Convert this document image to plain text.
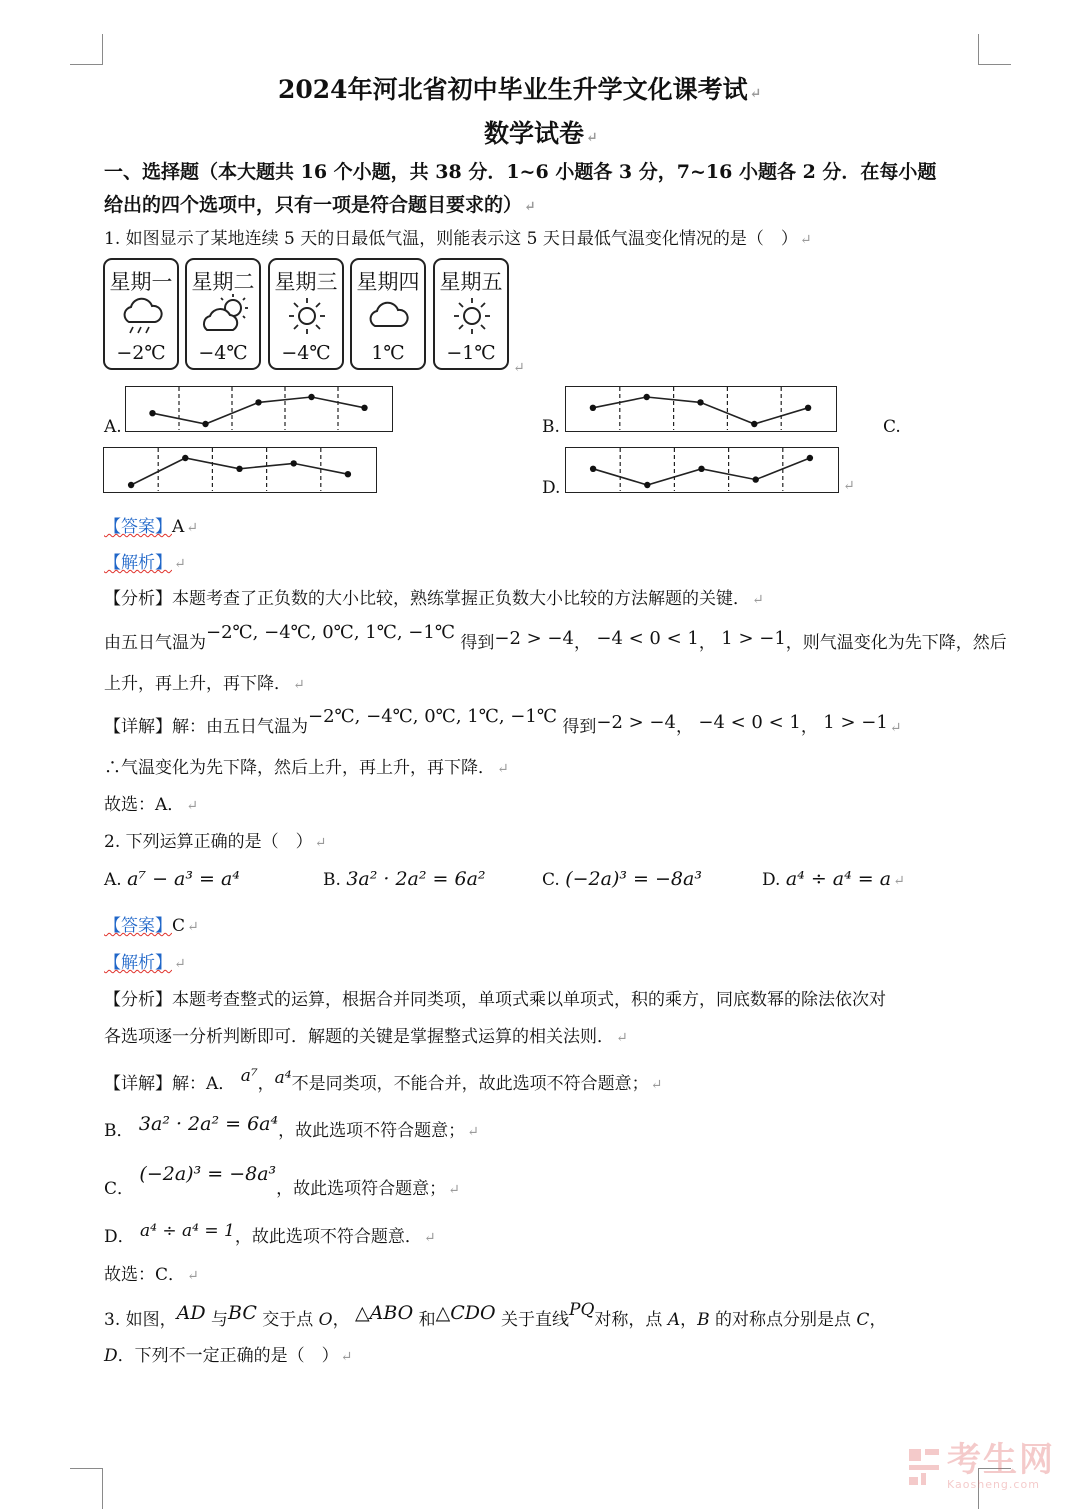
2024年河北省初中毕业生升学文化课考试 ↵
数学试卷 ↵
一、选择题（本大题共 16 个小题，共 38 分．1~6 小题各 3 分，7~16 小题各 2 分．在每小题
给出的四个选项中，只有一项是符合题目要求的） ↵
1. 如图显示了某地连续 5 天的日最低气温，则能表示这 5 天日最低气温变化情况的是（　） ↵
星期一
−2℃
星期二
−4℃
星期三
−4℃
星期四
1℃
星期五
−1℃
↵
A.	B.	C.
D.	↵
【答案】A ↵
【解析】 ↵
【分析】本题考查了正负数的大小比较，熟练掌握正负数大小比较的方法解题的关键． ↵
由五日气温为−2℃, −4℃, 0℃, 1℃, −1℃ 得到−2 > −4， −4 < 0 < 1， 1 > −1，则气温变化为先下降，然后
上升，再上升，再下降． ↵
【详解】解：由五日气温为−2℃, −4℃, 0℃, 1℃, −1℃ 得到−2 > −4， −4 < 0 < 1， 1 > −1 ↵
∴气温变化为先下降，然后上升，再上升，再下降． ↵
故选：A． ↵
2. 下列运算正确的是（　） ↵
A. a⁷ − a³ = a⁴	B. 3a² · 2a² = 6a²	C. (−2a)³ = −8a³	D. a⁴ ÷ a⁴ = a ↵
【答案】C ↵
【解析】 ↵
【分析】本题考查整式的运算，根据合并同类项，单项式乘以单项式，积的乘方，同底数幂的除法依次对
各选项逐一分析判断即可．解题的关键是掌握整式运算的相关法则． ↵
【详解】解：A． a⁷，a⁴不是同类项，不能合并，故此选项不符合题意； ↵
B． 3a² · 2a² = 6a⁴，故此选项不符合题意； ↵
C． (−2a)³ = −8a³，故此选项符合题意； ↵
D． a⁴ ÷ a⁴ = 1，故此选项不符合题意． ↵
故选：C． ↵
3. 如图，AD 与BC 交于点 O， △ABO 和△CDO 关于直线PQ对称，点 A，B 的对称点分别是点 C，
D．下列不一定正确的是（　） ↵
考生网
Kaosheng.com
